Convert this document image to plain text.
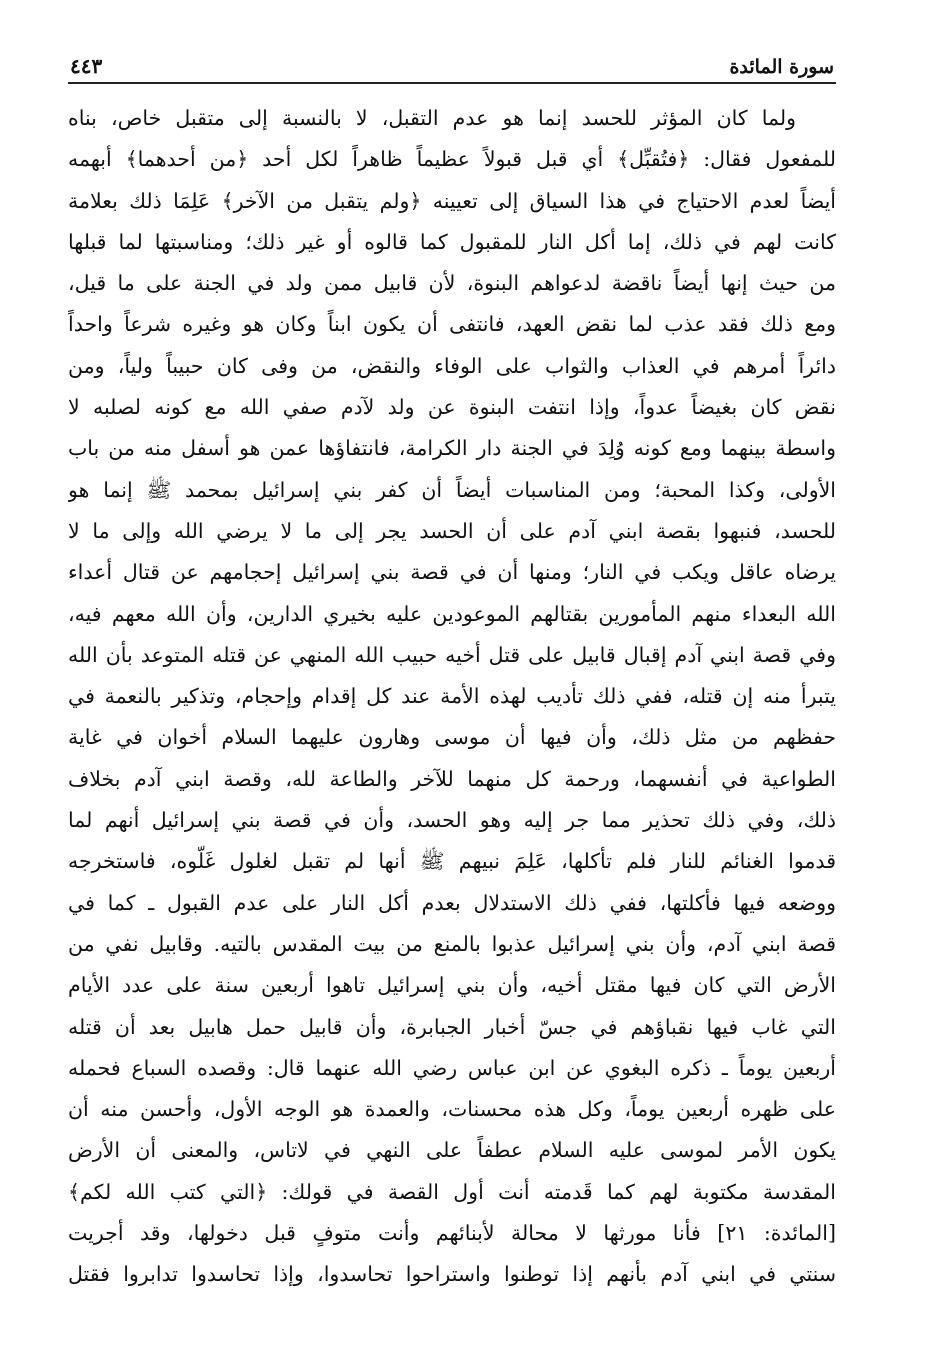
سورة المائدة
٤٤٣
ولما كان المؤثر للحسد إنما هو عدم التقبل، لا بالنسبة إلى متقبل خاص، بناه
للمفعول فقال: ﴿فتُقبِّل﴾ أي قبل قبولاً عظيماً ظاهراً لكل أحد ﴿من أحدهما﴾ أبهمه
أيضاً لعدم الاحتياج في هذا السياق إلى تعيينه ﴿ولم يتقبل من الآخر﴾ عَلِمَا ذلك بعلامة
كانت لهم في ذلك، إما أكل النار للمقبول كما قالوه أو غير ذلك؛ ومناسبتها لما قبلها
من حيث إنها أيضاً ناقضة لدعواهم البنوة، لأن قابيل ممن ولد في الجنة على ما قيل،
ومع ذلك فقد عذب لما نقض العهد، فانتفى أن يكون ابناً وكان هو وغيره شرعاً واحداً
دائراً أمرهم في العذاب والثواب على الوفاء والنقض، من وفى كان حبيباً ولياً، ومن
نقض كان بغيضاً عدواً، وإذا انتفت البنوة عن ولد لآدم صفي الله مع كونه لصلبه لا
واسطة بينهما ومع كونه وُلِدَ في الجنة دار الكرامة، فانتفاؤها عمن هو أسفل منه من باب
الأولى، وكذا المحبة؛ ومن المناسبات أيضاً أن كفر بني إسرائيل بمحمد ﷺ إنما هو
للحسد، فنبهوا بقصة ابني آدم على أن الحسد يجر إلى ما لا يرضي الله وإلى ما لا
يرضاه عاقل ويكب في النار؛ ومنها أن في قصة بني إسرائيل إحجامهم عن قتال أعداء
الله البعداء منهم المأمورين بقتالهم الموعودين عليه بخيري الدارين، وأن الله معهم فيه،
وفي قصة ابني آدم إقبال قابيل على قتل أخيه حبيب الله المنهي عن قتله المتوعد بأن الله
يتبرأ منه إن قتله، ففي ذلك تأديب لهذه الأمة عند كل إقدام وإحجام، وتذكير بالنعمة في
حفظهم من مثل ذلك، وأن فيها أن موسى وهارون عليهما السلام أخوان في غاية
الطواعية في أنفسهما، ورحمة كل منهما للآخر والطاعة لله، وقصة ابني آدم بخلاف
ذلك، وفي ذلك تحذير مما جر إليه وهو الحسد، وأن في قصة بني إسرائيل أنهم لما
قدموا الغنائم للنار فلم تأكلها، عَلِمَ نبيهم ﷺ أنها لم تقبل لغلول غَلّوه، فاستخرجه
ووضعه فيها فأكلتها، ففي ذلك الاستدلال بعدم أكل النار على عدم القبول ـ كما في
قصة ابني آدم، وأن بني إسرائيل عذبوا بالمنع من بيت المقدس بالتيه. وقابيل نفي من
الأرض التي كان فيها مقتل أخيه، وأن بني إسرائيل تاهوا أربعين سنة على عدد الأيام
التي غاب فيها نقباؤهم في جسّ أخبار الجبابرة، وأن قابيل حمل هابيل بعد أن قتله
أربعين يوماً ـ ذكره البغوي عن ابن عباس رضي الله عنهما قال: وقصده السباع فحمله
على ظهره أربعين يوماً، وكل هذه محسنات، والعمدة هو الوجه الأول، وأحسن منه أن
يكون الأمر لموسى عليه السلام عطفاً على النهي في لاتاس، والمعنى أن الأرض
المقدسة مكتوبة لهم كما قَدمته أنت أول القصة في قولك: ﴿التي كتب الله لكم﴾
[المائدة: ٢١] فأنا مورثها لا محالة لأبنائهم وأنت متوفٍ قبل دخولها، وقد أجريت
سنتي في ابني آدم بأنهم إذا توطنوا واستراحوا تحاسدوا، وإذا تحاسدوا تدابروا فقتل
